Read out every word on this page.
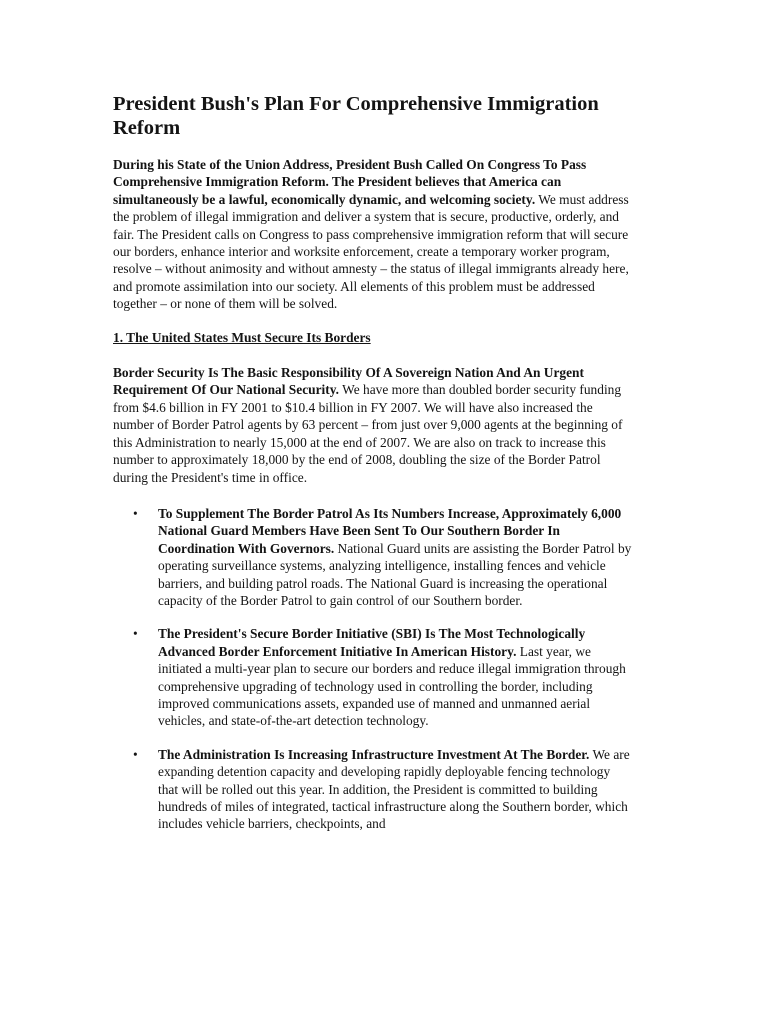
President Bush's Plan For Comprehensive Immigration Reform

During his State of the Union Address, President Bush Called On Congress To Pass Comprehensive Immigration Reform. The President believes that America can simultaneously be a lawful, economically dynamic, and welcoming society. We must address the problem of illegal immigration and deliver a system that is secure, productive, orderly, and fair. The President calls on Congress to pass comprehensive immigration reform that will secure our borders, enhance interior and worksite enforcement, create a temporary worker program, resolve – without animosity and without amnesty – the status of illegal immigrants already here, and promote assimilation into our society. All elements of this problem must be addressed together – or none of them will be solved.

1. The United States Must Secure Its Borders

Border Security Is The Basic Responsibility Of A Sovereign Nation And An Urgent Requirement Of Our National Security. We have more than doubled border security funding from $4.6 billion in FY 2001 to $10.4 billion in FY 2007. We will have also increased the number of Border Patrol agents by 63 percent – from just over 9,000 agents at the beginning of this Administration to nearly 15,000 at the end of 2007. We are also on track to increase this number to approximately 18,000 by the end of 2008, doubling the size of the Border Patrol during the President's time in office.

• To Supplement The Border Patrol As Its Numbers Increase, Approximately 6,000 National Guard Members Have Been Sent To Our Southern Border In Coordination With Governors. National Guard units are assisting the Border Patrol by operating surveillance systems, analyzing intelligence, installing fences and vehicle barriers, and building patrol roads. The National Guard is increasing the operational capacity of the Border Patrol to gain control of our Southern border.
• The President's Secure Border Initiative (SBI) Is The Most Technologically Advanced Border Enforcement Initiative In American History. Last year, we initiated a multi-year plan to secure our borders and reduce illegal immigration through comprehensive upgrading of technology used in controlling the border, including improved communications assets, expanded use of manned and unmanned aerial vehicles, and state-of-the-art detection technology.
• The Administration Is Increasing Infrastructure Investment At The Border. We are expanding detention capacity and developing rapidly deployable fencing technology that will be rolled out this year. In addition, the President is committed to building hundreds of miles of integrated, tactical infrastructure along the Southern border, which includes vehicle barriers, checkpoints, and
